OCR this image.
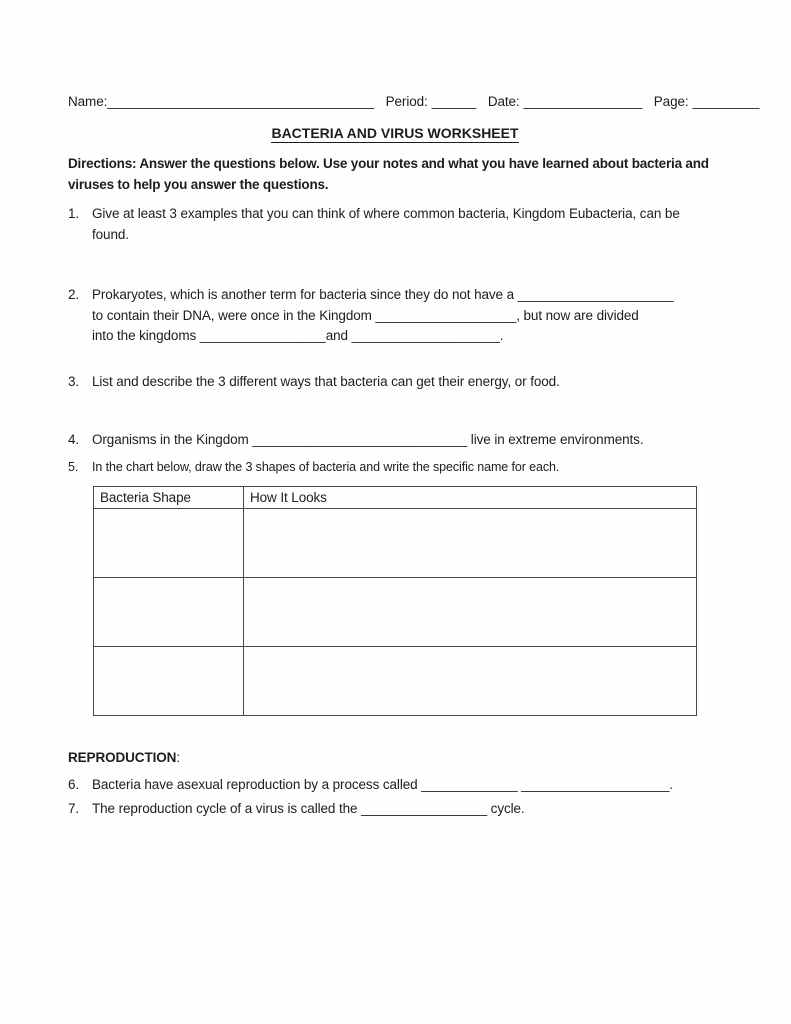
Name:____________________________________ Period: ______ Date: ________________ Page: _________
BACTERIA AND VIRUS WORKSHEET
Directions: Answer the questions below. Use your notes and what you have learned about bacteria and
viruses to help you answer the questions.
1. Give at least 3 examples that you can think of where common bacteria, Kingdom Eubacteria, can be
found.
2. Prokaryotes, which is another term for bacteria since they do not have a _____________________
to contain their DNA, were once in the Kingdom ___________________, but now are divided
into the kingdoms _________________and ____________________.
3. List and describe the 3 different ways that bacteria can get their energy, or food.
4. Organisms in the Kingdom _____________________________ live in extreme environments.
5.	In the chart below, draw the 3 shapes of bacteria and write the specific name for each.
Bacteria Shape	How It Looks

REPRODUCTION:
6. Bacteria have asexual reproduction by a process called _____________ ____________________.
7. The reproduction cycle of a virus is called the _________________ cycle.
